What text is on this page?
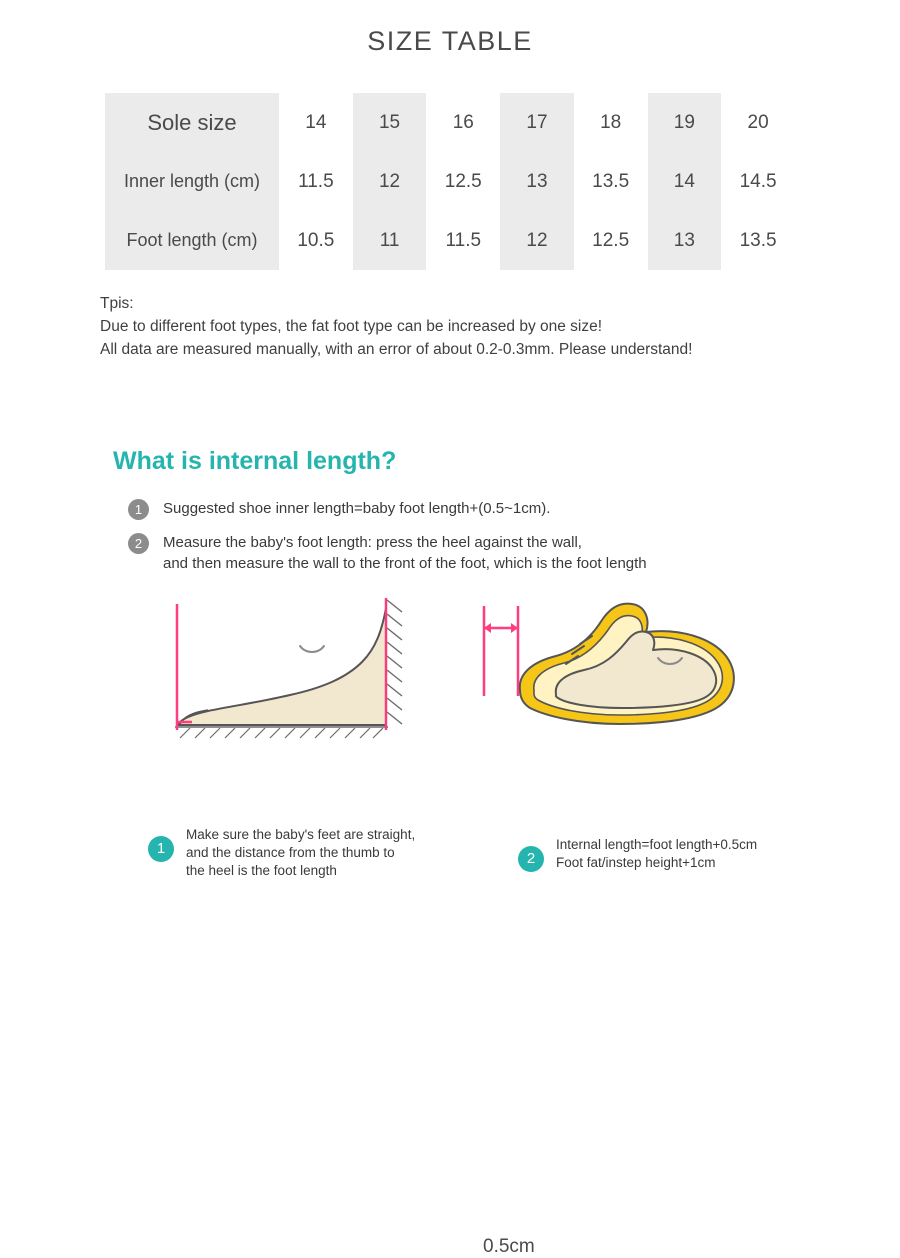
SIZE TABLE
Sole size	14	15	16	17	18	19	20
Inner length (cm)	11.5	12	12.5	13	13.5	14	14.5
Foot length (cm)	10.5	11	11.5	12	12.5	13	13.5
Tpis:
Due to different foot types, the fat foot type can be increased by one size!
All data are measured manually, with an error of about 0.2-0.3mm. Please understand!
What is internal length?
1	Suggested shoe inner length=baby foot length+(0.5~1cm).
2	Measure the baby's foot length: press the heel against the wall,
and then measure the wall to the front of the foot, which is the foot length
0.5cm
1
Make sure the baby's feet are straight,
and the distance from the thumb to
the heel is the foot length
2
Internal length=foot length+0.5cm
Foot fat/instep height+1cm
